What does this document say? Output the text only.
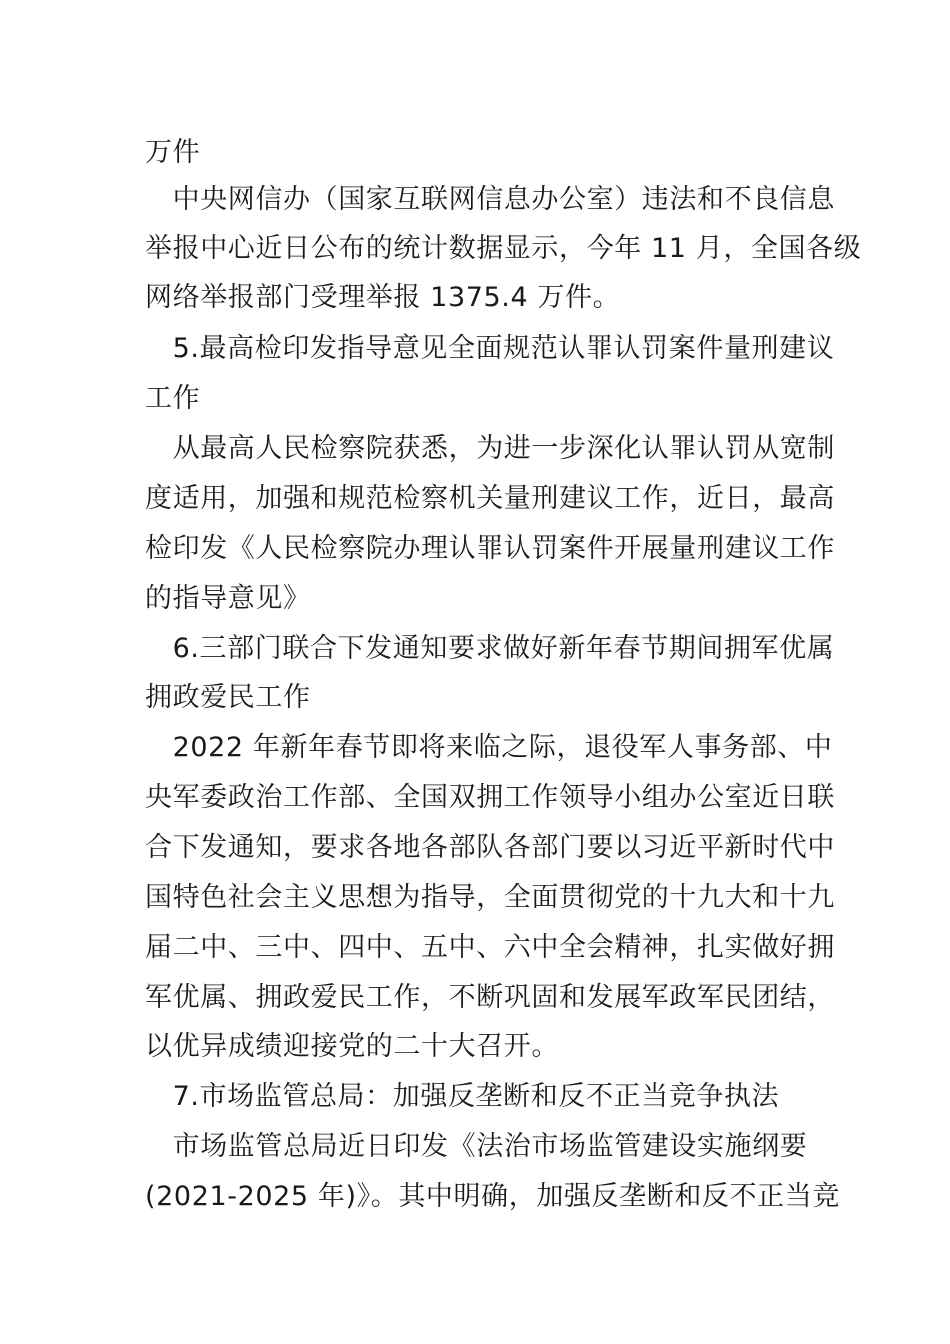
万件
　中央网信办（国家互联网信息办公室）违法和不良信息
举报中心近日公布的统计数据显示，今年 11 月，全国各级
网络举报部门受理举报 1375.4 万件。
　5.最高检印发指导意见全面规范认罪认罚案件量刑建议
工作
　从最高人民检察院获悉，为进一步深化认罪认罚从宽制
度适用，加强和规范检察机关量刑建议工作，近日，最高
检印发《人民检察院办理认罪认罚案件开展量刑建议工作
的指导意见》
　6.三部门联合下发通知要求做好新年春节期间拥军优属
拥政爱民工作
　2022 年新年春节即将来临之际，退役军人事务部、中
央军委政治工作部、全国双拥工作领导小组办公室近日联
合下发通知，要求各地各部队各部门要以习近平新时代中
国特色社会主义思想为指导，全面贯彻党的十九大和十九
届二中、三中、四中、五中、六中全会精神，扎实做好拥
军优属、拥政爱民工作，不断巩固和发展军政军民团结，
以优异成绩迎接党的二十大召开。
　7.市场监管总局：加强反垄断和反不正当竞争执法
　市场监管总局近日印发《法治市场监管建设实施纲要
(2021-2025 年)》。其中明确，加强反垄断和反不正当竞
